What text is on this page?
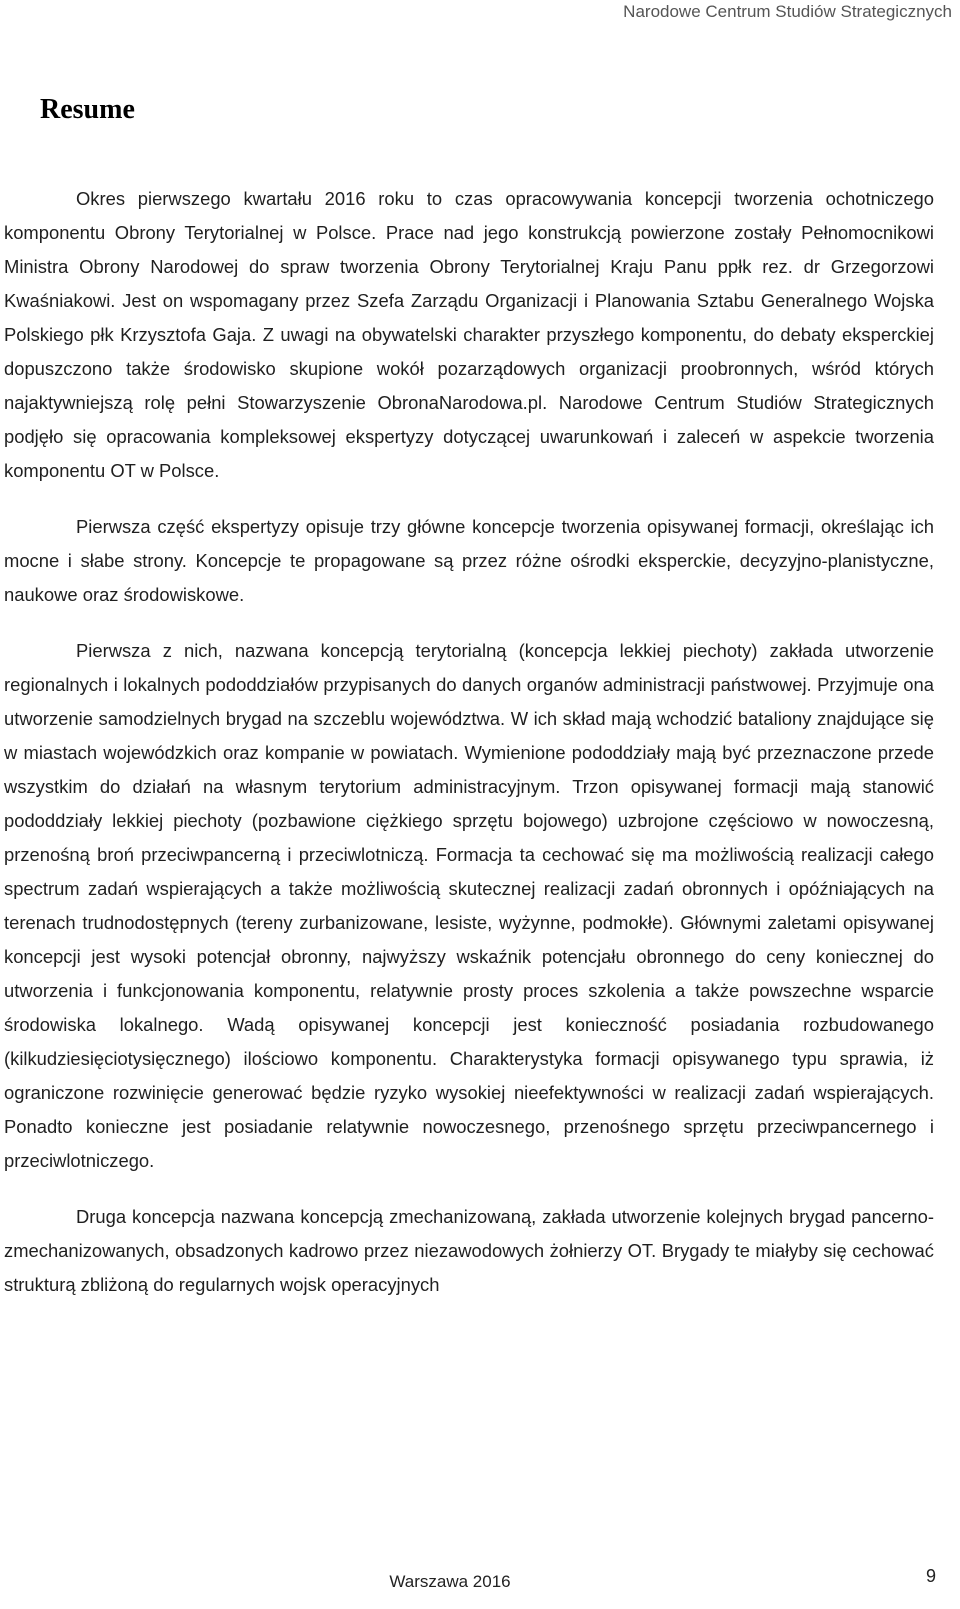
Narodowe Centrum Studiów Strategicznych
Resume

Okres pierwszego kwartału 2016 roku to czas opracowywania koncepcji tworzenia ochotniczego komponentu Obrony Terytorialnej w Polsce. Prace nad jego konstrukcją powierzone zostały Pełnomocnikowi Ministra Obrony Narodowej do spraw tworzenia Obrony Terytorialnej Kraju Panu ppłk rez. dr Grzegorzowi Kwaśniakowi. Jest on wspomagany przez Szefa Zarządu Organizacji i Planowania Sztabu Generalnego Wojska Polskiego płk Krzysztofa Gaja. Z uwagi na obywatelski charakter przyszłego komponentu, do debaty eksperckiej dopuszczono także środowisko skupione wokół pozarządowych organizacji proobronnych, wśród których najaktywniejszą rolę pełni Stowarzyszenie ObronaNarodowa.pl. Narodowe Centrum Studiów Strategicznych podjęło się opracowania kompleksowej ekspertyzy dotyczącej uwarunkowań i zaleceń w aspekcie tworzenia komponentu OT w Polsce.

Pierwsza część ekspertyzy opisuje trzy główne koncepcje tworzenia opisywanej formacji, określając ich mocne i słabe strony. Koncepcje te propagowane są przez różne ośrodki eksperckie, decyzyjno-planistyczne, naukowe oraz środowiskowe.

Pierwsza z nich, nazwana koncepcją terytorialną (koncepcja lekkiej piechoty) zakłada utworzenie regionalnych i lokalnych pododdziałów przypisanych do danych organów administracji państwowej. Przyjmuje ona utworzenie samodzielnych brygad na szczeblu województwa. W ich skład mają wchodzić bataliony znajdujące się w miastach wojewódzkich oraz kompanie w powiatach. Wymienione pododdziały mają być przeznaczone przede wszystkim do działań na własnym terytorium administracyjnym. Trzon opisywanej formacji mają stanowić pododdziały lekkiej piechoty (pozbawione ciężkiego sprzętu bojowego) uzbrojone częściowo w nowoczesną, przenośną broń przeciwpancerną i przeciwlotniczą. Formacja ta cechować się ma możliwością realizacji całego spectrum zadań wspierających a także możliwością skutecznej realizacji zadań obronnych i opóźniających na terenach trudnodostępnych (tereny zurbanizowane, lesiste, wyżynne, podmokłe). Głównymi zaletami opisywanej koncepcji jest wysoki potencjał obronny, najwyższy wskaźnik potencjału obronnego do ceny koniecznej do utworzenia i funkcjonowania komponentu, relatywnie prosty proces szkolenia a także powszechne wsparcie środowiska lokalnego. Wadą opisywanej koncepcji jest konieczność posiadania rozbudowanego (kilkudziesięciotysięcznego) ilościowo komponentu. Charakterystyka formacji opisywanego typu sprawia, iż ograniczone rozwinięcie generować będzie ryzyko wysokiej nieefektywności w realizacji zadań wspierających. Ponadto konieczne jest posiadanie relatywnie nowoczesnego, przenośnego sprzętu przeciwpancernego i przeciwlotniczego.

Druga koncepcja nazwana koncepcją zmechanizowaną, zakłada utworzenie kolejnych brygad pancerno-zmechanizowanych, obsadzonych kadrowo przez niezawodowych żołnierzy OT. Brygady te miałyby się cechować strukturą zbliżoną do regularnych wojsk operacyjnych

Warszawa 2016	9
